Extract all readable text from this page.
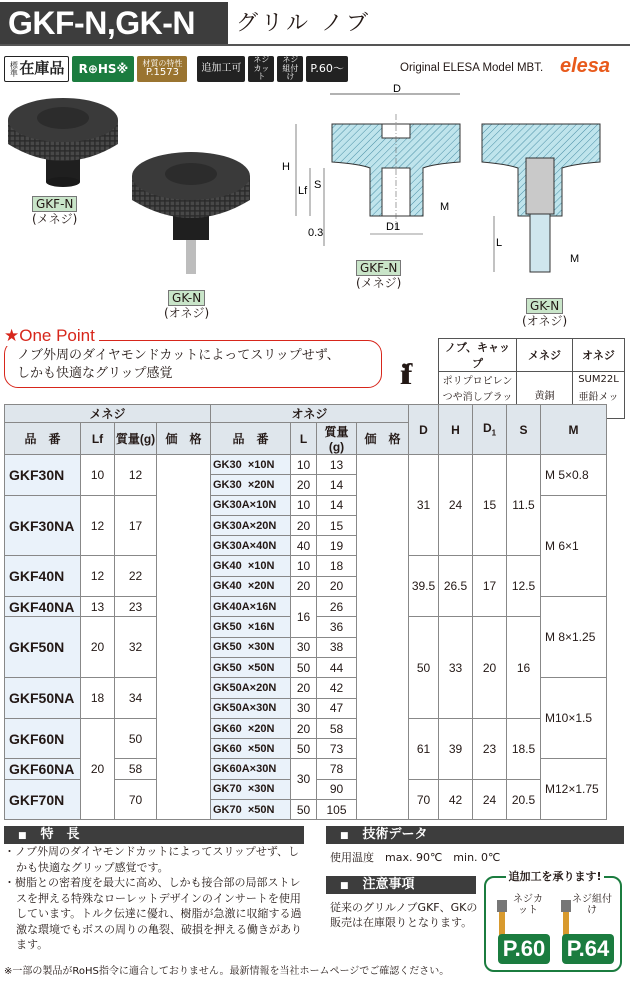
GKF-N,GK-N	グリル ノブ
標準 在庫品	R⊕HS※	材質の特性
P.1573	追加工可
ネジカット
ネジ組付け
P.60〜	Original ELESA Model MBT. elesa
GKF-N
(メネジ)
GK-N
(オネジ)
D
H
Lf S
0.3	D1
M
L
M
GKF-N
(メネジ)
GK-N
(オネジ)
ノブ外周のダイヤモンドカットによってスリップせず、
しかも快適なグリップ感覚
★One Point
if
ノブ、キャップ	メネジ	オネジ
ポリプロピレン	黄銅	SUM22L
つや消しブラッ		亜鉛メッ
メネジ				オネジ				D	H	$D_1$	S	M
品　番	Lf	質量(g)	価　格	品　番	L	質量(g)	価　格					
GKF30N	10	12		GK30  ×10N	10	13		31	24	15	11.5	M 5×0.8
				GK30  ×20N	20	14						
GKF30NA	12	17		GK30A×10N	10	14						M 6×1
				GK30A×20N	20	15						
				GK30A×40N	40	19						
GKF40N	12	22		GK40  ×10N	10	18		39.5	26.5	17	12.5	
				GK40  ×20N	20	20						
GKF40NA	13	23		GK40A×16N	16	26						M 8×1.25
GKF50N	20	32		GK50  ×16N		36		50	33	20	16	
				GK50  ×30N	30	38						
				GK50  ×50N	50	44						
GKF50NA	18	34		GK50A×20N	20	42						M10×1.5
				GK50A×30N	30	47						
GKF60N	20	50		GK60  ×20N	20	58		61	39	23	18.5	
				GK60  ×50N	50	73						
GKF60NA		58		GK60A×30N	30	78						M12×1.75
GKF70N		70		GK70  ×30N		90		70	42	24	20.5	
				GK70  ×50N	50	105						
■ 特　長

・ノブ外周のダイヤモンドカットによってスリップせず、しかも快適なグリップ感覚です。

・樹脂との密着度を最大に高め、しかも接合部の局部ストレスを押える特殊なローレットデザインのインサートを使用しています。トルク伝達に優れ、樹脂が急激に収縮する過激な環境でもボスの周りの亀裂、破損を押える働きがあります。

■ 技術データ
使用温度　max. 90℃　min. 0℃
■ 注意事項
従来のグリルノブGKF、GKの販売は在庫限りとなります。
追加工を承ります!
ネジカット
P.60
ネジ組付け
P.64
※一部の製品がRoHS指令に適合しておりません。最新情報を当社ホームページでご確認ください。
